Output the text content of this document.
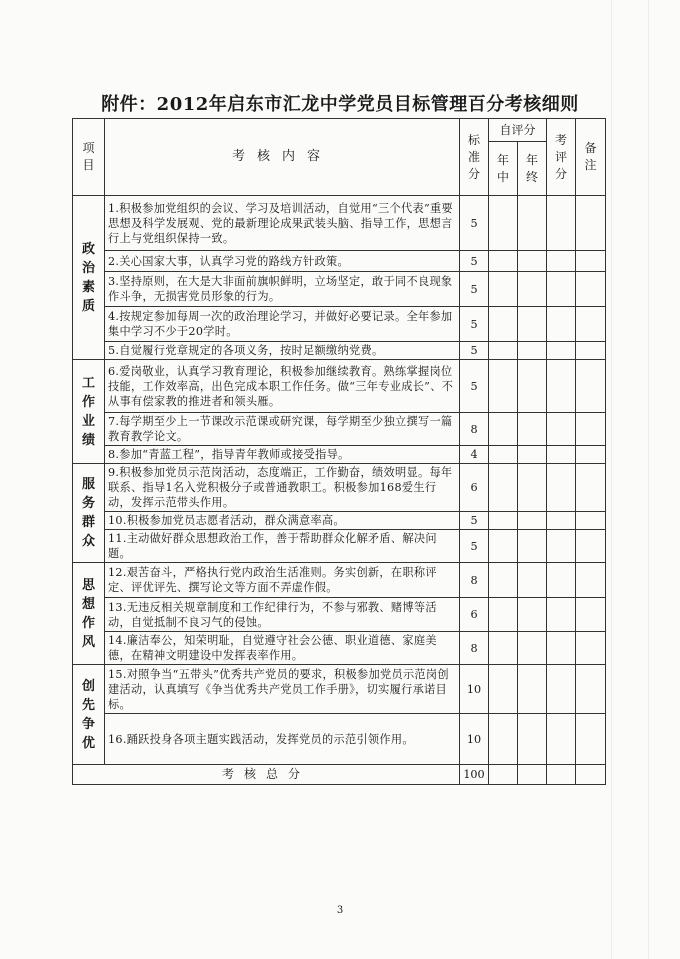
附件：2012年启东市汇龙中学党员目标管理百分考核细则
项目	考核内容	标准分	自评分		考评分	备注

			年中	年终		

政治素质	1.积极参加党组织的会议、学习及培训活动，自觉用“三个代表”重要思想及科学发展观、党的最新理论成果武装头脑、指导工作，思想言行上与党组织保持一致。	5				
	2.关心国家大事，认真学习党的路线方针政策。	5				
	3.坚持原则，在大是大非面前旗帜鲜明，立场坚定，敢于同不良现象作斗争，无损害党员形象的行为。	5				
	4.按规定参加每周一次的政治理论学习，并做好必要记录。全年参加集中学习不少于20学时。	5				
	5.自觉履行党章规定的各项义务，按时足额缴纳党费。	5				

工作业绩	6.爱岗敬业，认真学习教育理论，积极参加继续教育。熟练掌握岗位技能，工作效率高，出色完成本职工作任务。做“三年专业成长”、不从事有偿家教的推进者和领头雁。	5				
	7.每学期至少上一节课改示范课或研究课，每学期至少独立撰写一篇教育教学论文。	8				
	8.参加“青蓝工程”，指导青年教师或接受指导。	4				

服务群众	9.积极参加党员示范岗活动，态度端正，工作勤奋，绩效明显。每年联系、指导1名入党积极分子或普通教职工。积极参加168爱生行动，发挥示范带头作用。	6				
	10.积极参加党员志愿者活动，群众满意率高。	5				
	11.主动做好群众思想政治工作，善于帮助群众化解矛盾、解决问题。	5				

思想作风	12.艰苦奋斗，严格执行党内政治生活准则。务实创新，在职称评定、评优评先、撰写论文等方面不弄虚作假。	8				
	13.无违反相关规章制度和工作纪律行为，不参与邪教、赌博等活动，自觉抵制不良习气的侵蚀。	6				
	14.廉洁奉公，知荣明耻，自觉遵守社会公德、职业道德、家庭美德，在精神文明建设中发挥表率作用。	8				

创先争优	15.对照争当“五带头”优秀共产党员的要求，积极参加党员示范岗创建活动，认真填写《争当优秀共产党员工作手册》，切实履行承诺目标。	10				
	16.踊跃投身各项主题实践活动，发挥党员的示范引领作用。	10				
考核总分		100				
3
